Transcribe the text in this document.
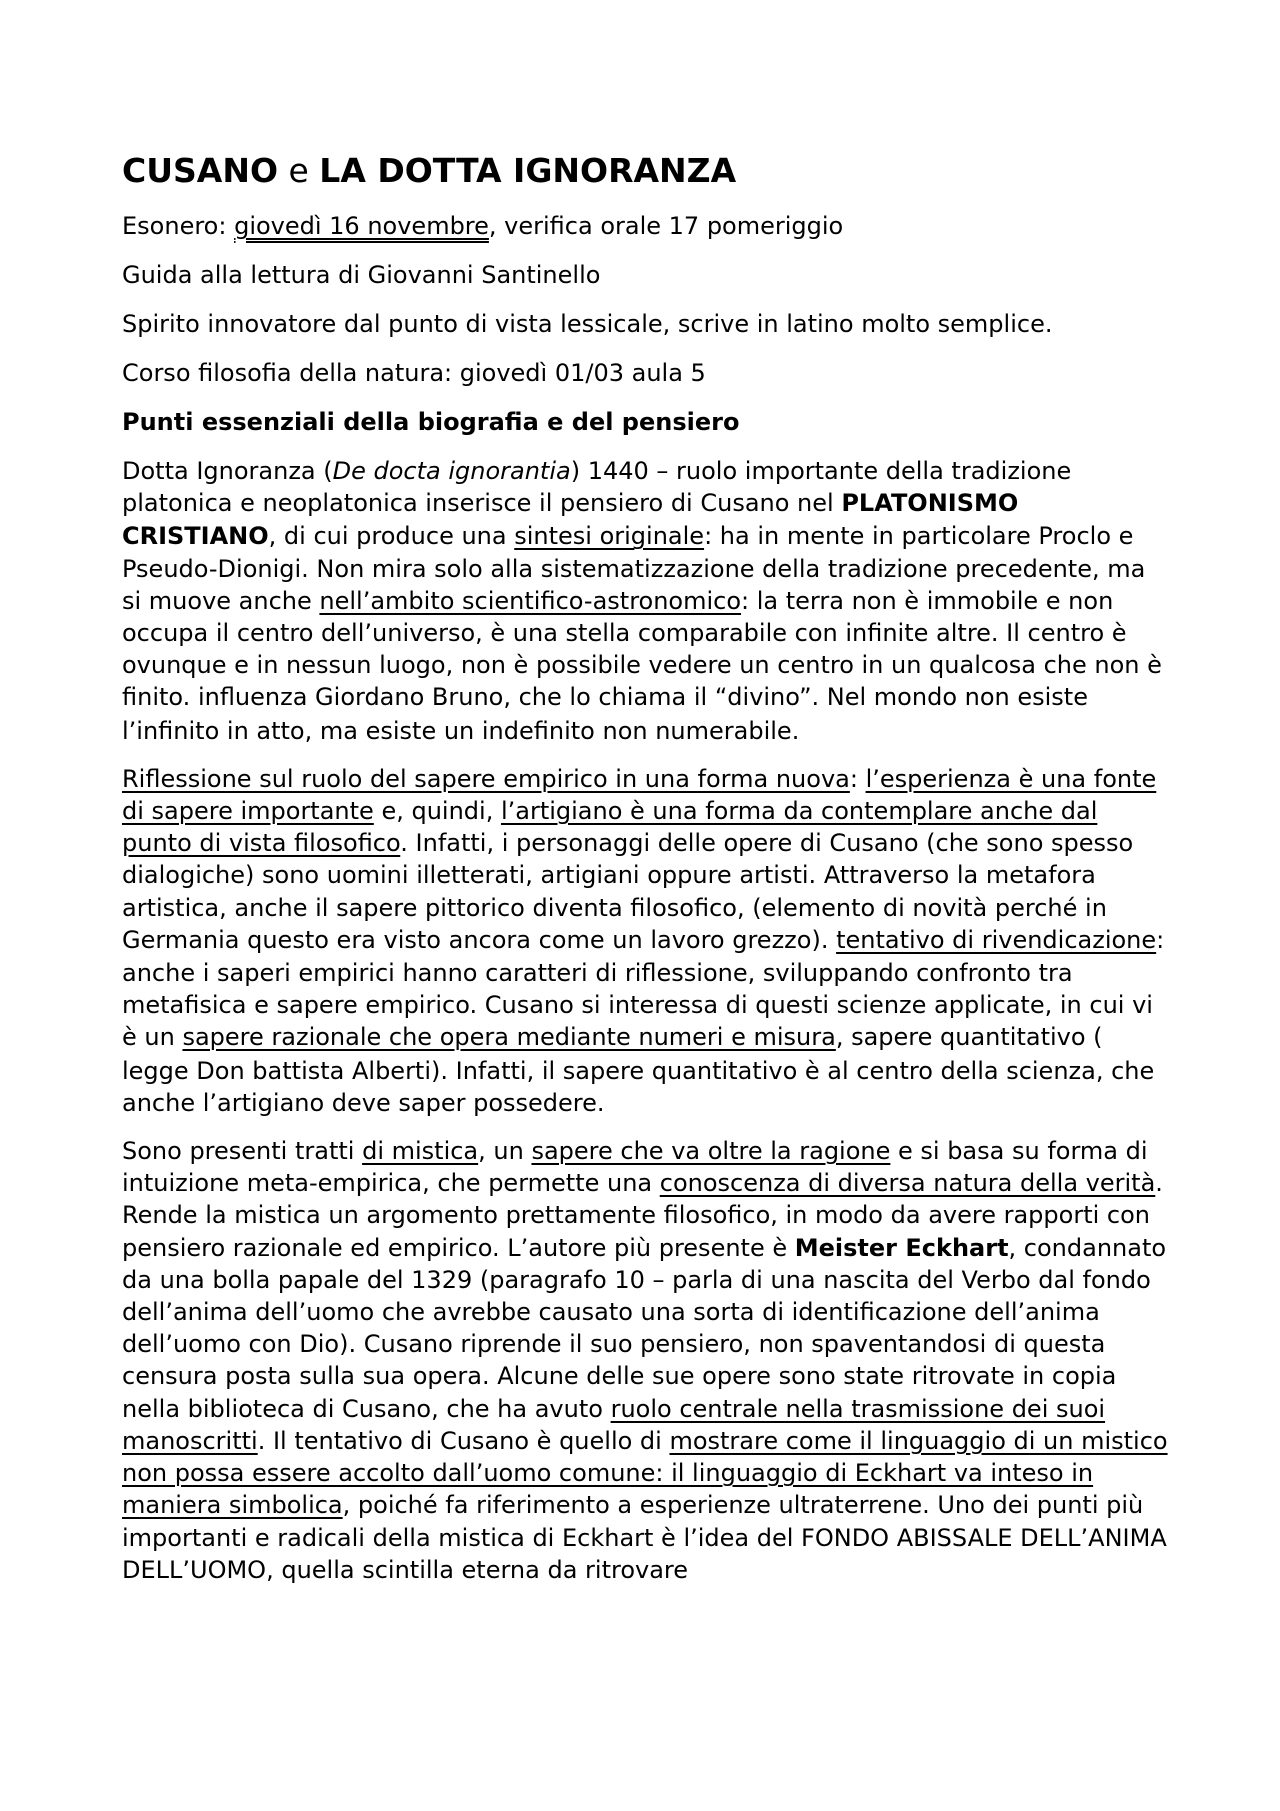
CUSANO e LA DOTTA IGNORANZA
Esonero: giovedì 16 novembre, verifica orale 17 pomeriggio
Guida alla lettura di Giovanni Santinello
Spirito innovatore dal punto di vista lessicale, scrive in latino molto semplice.
Corso filosofia della natura: giovedì 01/03 aula 5
Punti essenziali della biografia e del pensiero

Dotta Ignoranza (De docta ignorantia) 1440 – ruolo importante della tradizione platonica e neoplatonica inserisce il pensiero di Cusano nel PLATONISMO CRISTIANO, di cui produce una sintesi originale: ha in mente in particolare Proclo e Pseudo-Dionigi. Non mira solo alla sistematizzazione della tradizione precedente, ma si muove anche nell’ambito scientifico-astronomico: la terra non è immobile e non occupa il centro dell’universo, è una stella comparabile con infinite altre. Il centro è ovunque e in nessun luogo, non è possibile vedere un centro in un qualcosa che non è finito. influenza Giordano Bruno, che lo chiama il “divino”. Nel mondo non esiste l’infinito in atto, ma esiste un indefinito non numerabile.

Riflessione sul ruolo del sapere empirico in una forma nuova: l’esperienza è una fonte di sapere importante e, quindi, l’artigiano è una forma da contemplare anche dal punto di vista filosofico. Infatti, i personaggi delle opere di Cusano (che sono spesso dialogiche) sono uomini illetterati, artigiani oppure artisti. Attraverso la metafora artistica, anche il sapere pittorico diventa filosofico, (elemento di novità perché in Germania questo era visto ancora come un lavoro grezzo). tentativo di rivendicazione: anche i saperi empirici hanno caratteri di riflessione, sviluppando confronto tra metafisica e sapere empirico. Cusano si interessa di questi scienze applicate, in cui vi è un sapere razionale che opera mediante numeri e misura, sapere quantitativo ( legge Don battista Alberti). Infatti, il sapere quantitativo è al centro della scienza, che anche l’artigiano deve saper possedere.

Sono presenti tratti di mistica, un sapere che va oltre la ragione e si basa su forma di intuizione meta-empirica, che permette una conoscenza di diversa natura della verità. Rende la mistica un argomento prettamente filosofico, in modo da avere rapporti con pensiero razionale ed empirico. L’autore più presente è Meister Eckhart, condannato da una bolla papale del 1329 (paragrafo 10 – parla di una nascita del Verbo dal fondo dell’anima dell’uomo che avrebbe causato una sorta di identificazione dell’anima dell’uomo con Dio). Cusano riprende il suo pensiero, non spaventandosi di questa censura posta sulla sua opera. Alcune delle sue opere sono state ritrovate in copia nella biblioteca di Cusano, che ha avuto ruolo centrale nella trasmissione dei suoi manoscritti. Il tentativo di Cusano è quello di mostrare come il linguaggio di un mistico non possa essere accolto dall’uomo comune: il linguaggio di Eckhart va inteso in maniera simbolica, poiché fa riferimento a esperienze ultraterrene. Uno dei punti più importanti e radicali della mistica di Eckhart è l’idea del FONDO ABISSALE DELL’ANIMA DELL’UOMO, quella scintilla eterna da ritrovare
